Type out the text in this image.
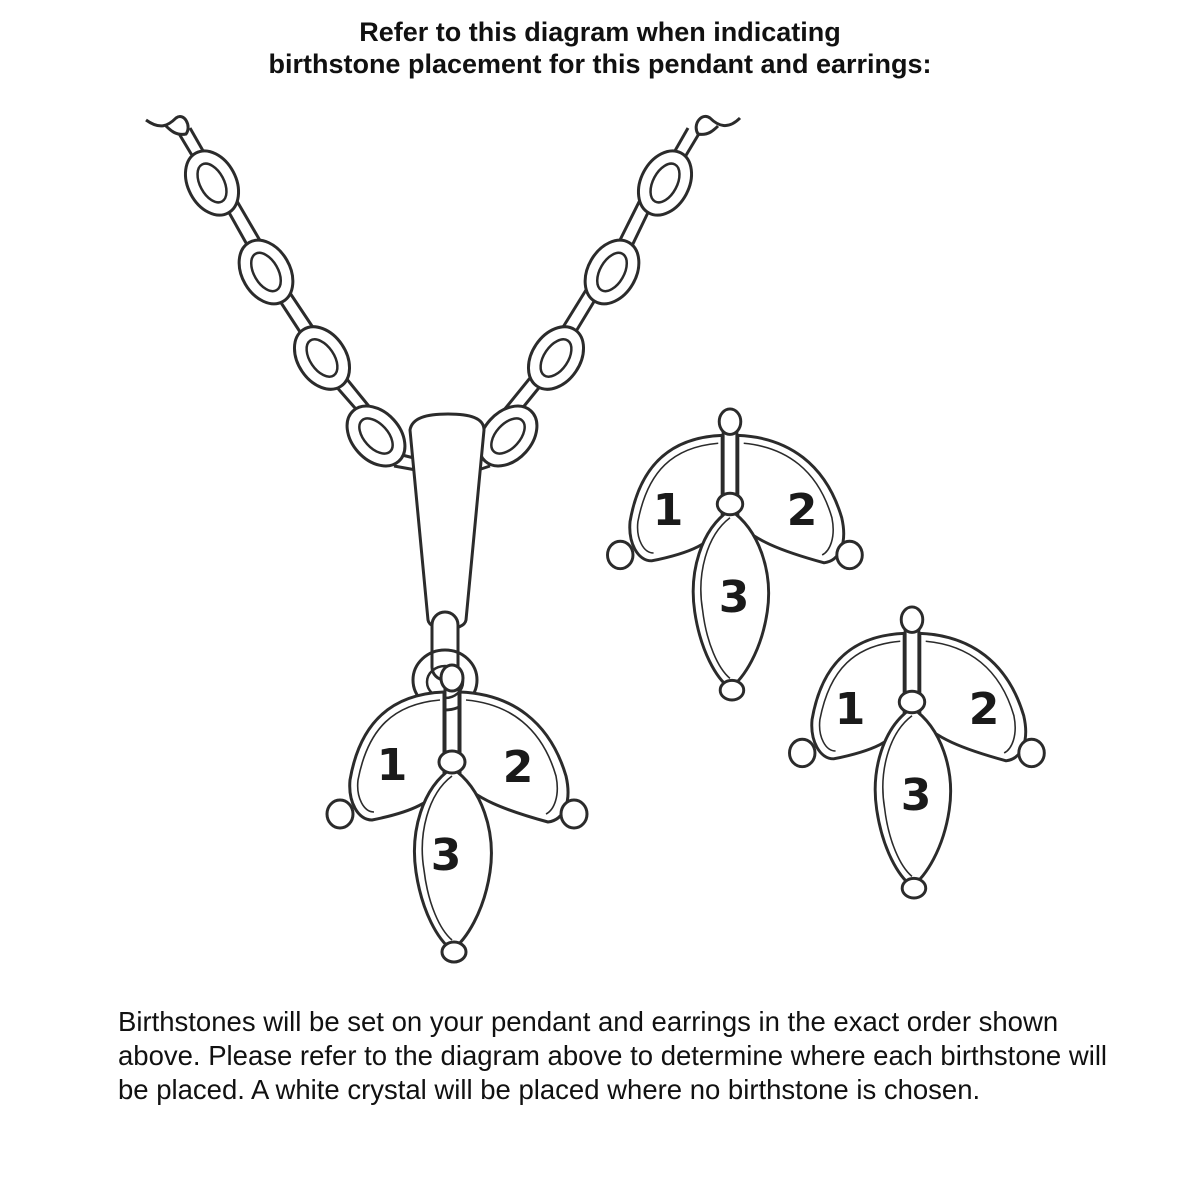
Refer to this diagram when indicating
birthstone placement for this pendant and earrings:
1 2
3
1 2
3
1 2
3
Birthstones will be set on your pendant and earrings in the exact order shown above. Please refer to the diagram above to determine where each birthstone will be placed. A white crystal will be placed where no birthstone is chosen.
